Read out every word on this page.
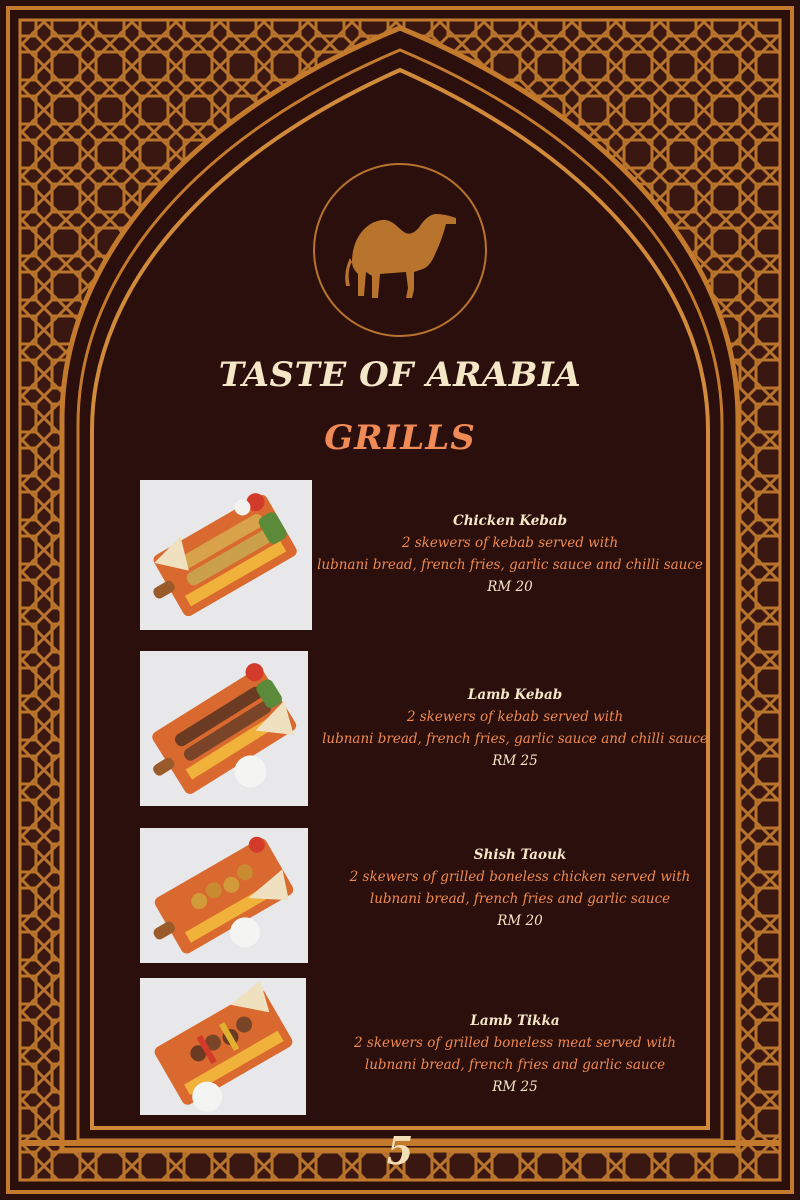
TASTE OF ARABIA
GRILLS
Chicken Kebab
2 skewers of kebab served with
lubnani bread, french fries, garlic sauce and chilli sauce
RM 20
Lamb Kebab
2 skewers of kebab served with
lubnani bread, french fries, garlic sauce and chilli sauce
RM 25
Shish Taouk
2 skewers of grilled boneless chicken served with
lubnani bread, french fries and garlic sauce
RM 20
Lamb Tikka
2 skewers of grilled boneless meat served with
lubnani bread, french fries and garlic sauce
RM 25
5
